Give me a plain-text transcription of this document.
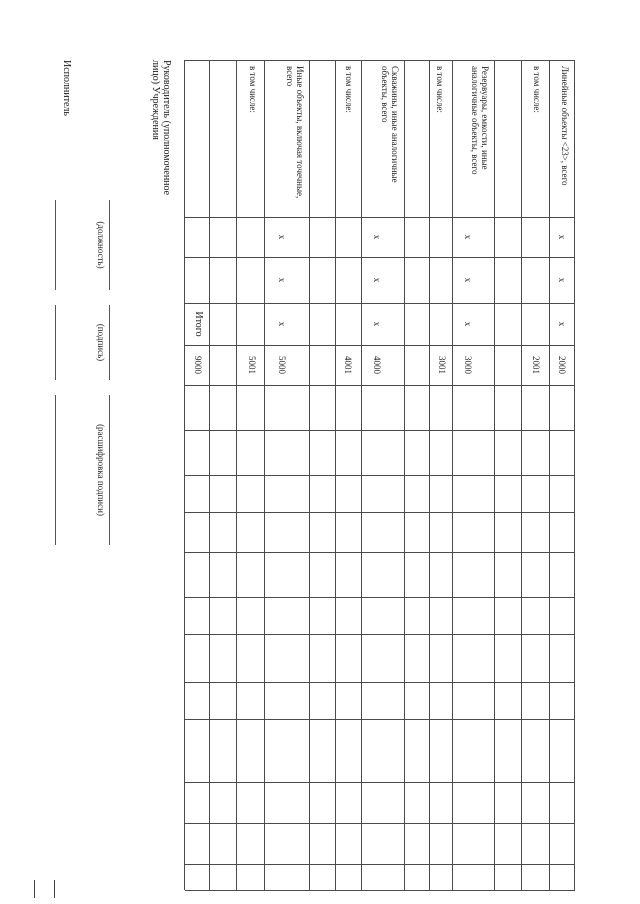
Линейные объекты <23>, всего
в том числе:
Резервуары, емкости, иные аналогичные объекты, всего
в том числе:
Скважины, иные аналогичные объекты, всего
в том числе:
Иные объекты, включая точечные, всего
в том числе:
x
x
x
x
x
x
x
x
x
x
x
x
Итого
2000
2001
3000
3001
4000
4001
5000
5001
9000
Руководитель (уполномоченное лицо) Учреждения
(должность)
(подпись)
(расшифровка подписи)
Исполнитель
